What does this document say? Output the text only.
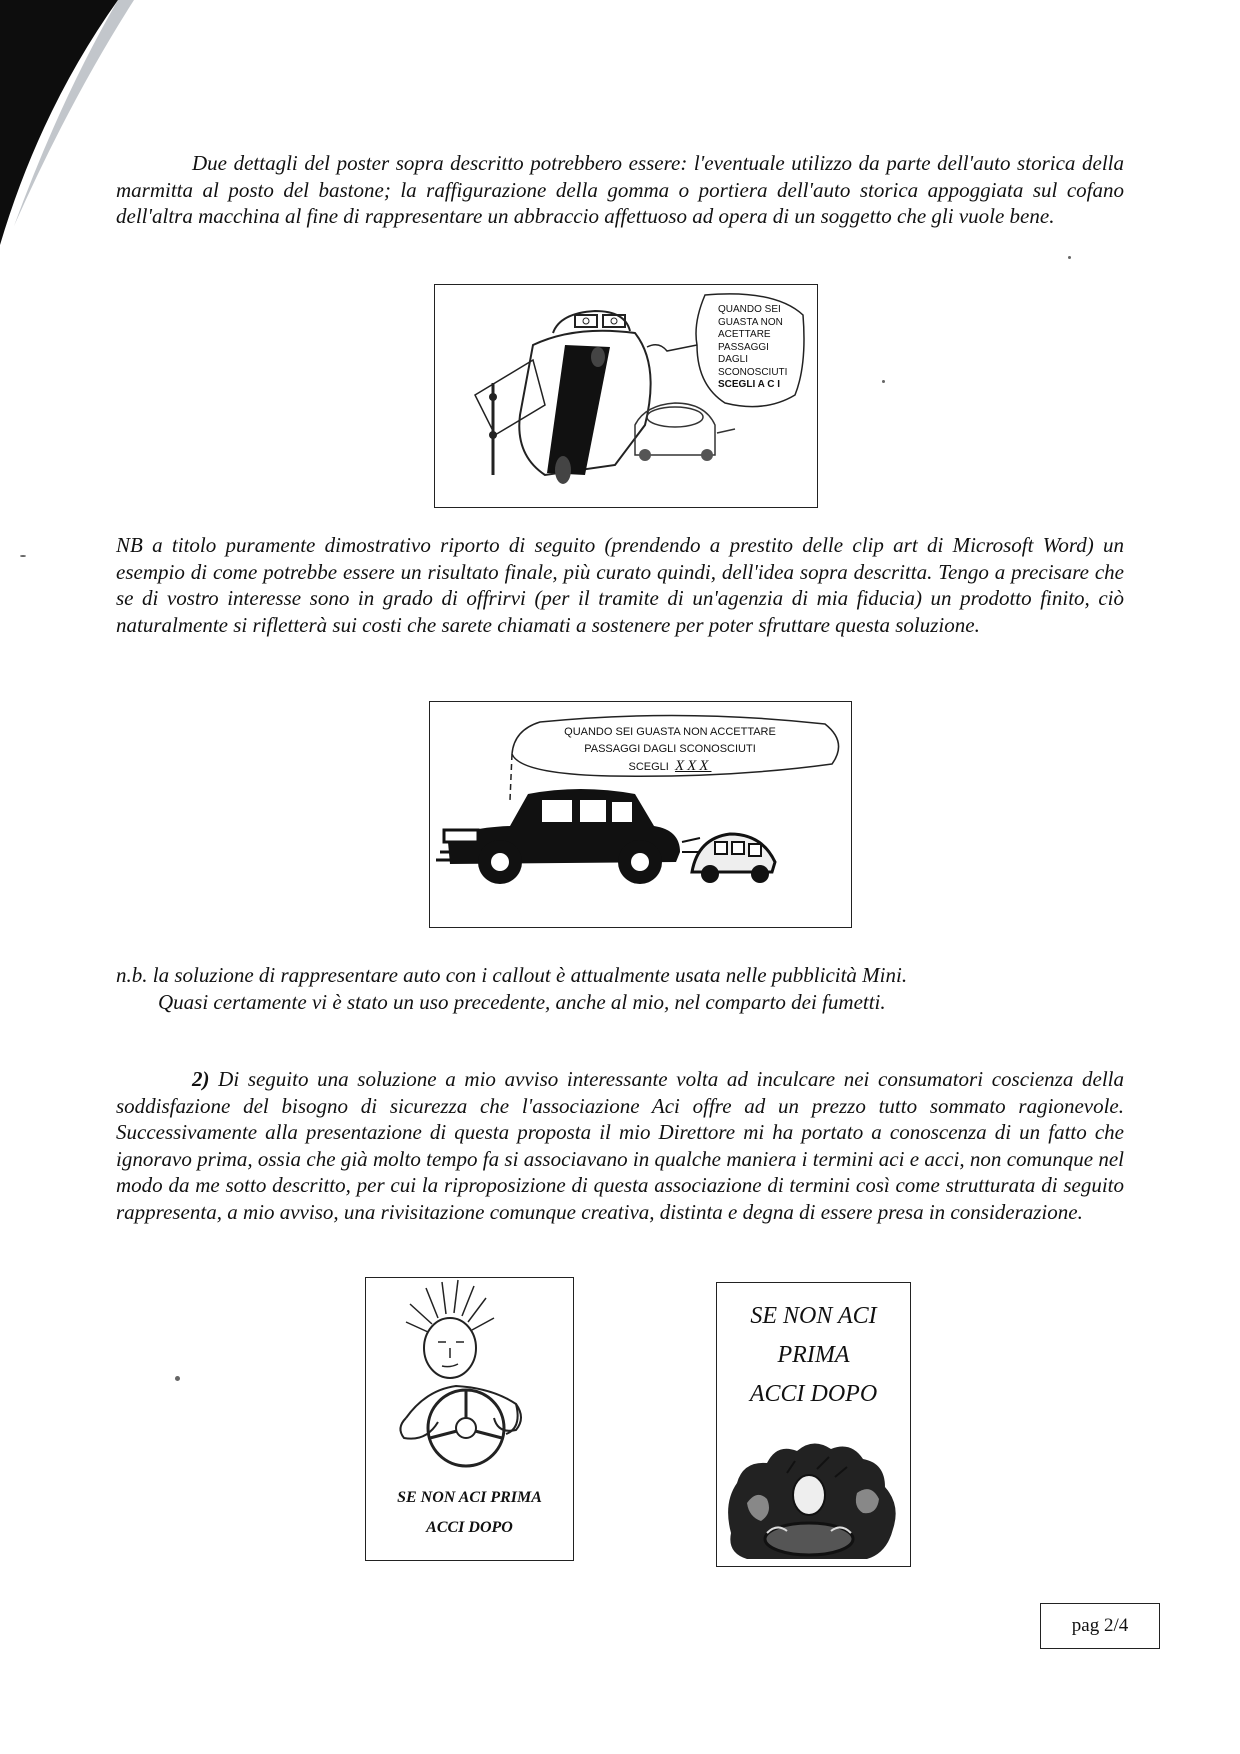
Due dettagli del poster sopra descritto potrebbero essere: l'eventuale utilizzo da parte dell'auto storica della marmitta al posto del bastone; la raffigurazione della gomma o portiera dell'auto storica appoggiata sul cofano dell'altra macchina al fine di rappresentare un abbraccio affettuoso ad opera di un soggetto che gli vuole bene.

QUANDO SEI
GUASTA NON
ACETTARE
PASSAGGI
DAGLI
SCONOSCIUTI
SCEGLI A C I

NB a titolo puramente dimostrativo riporto di seguito (prendendo a prestito delle clip art di Microsoft Word) un esempio di come potrebbe essere un risultato finale, più curato quindi, dell'idea sopra descritta. Tengo a precisare che se di vostro interesse sono in grado di offrirvi (per il tramite di un'agenzia di mia fiducia) un prodotto finito, ciò naturalmente si rifletterà sui costi che sarete chiamati a sostenere per poter sfruttare questa soluzione.

QUANDO SEI GUASTA NON ACCETTARE
PASSAGGI DAGLI SCONOSCIUTI
SCEGLI XXX

n.b. la soluzione di rappresentare auto con i callout è attualmente usata nelle pubblicità Mini.
Quasi certamente vi è stato un uso precedente, anche al mio, nel comparto dei fumetti.

2) Di seguito una soluzione a mio avviso interessante volta ad inculcare nei consumatori coscienza della soddisfazione del bisogno di sicurezza che l'associazione Aci offre ad un prezzo tutto sommato ragionevole. Successivamente alla presentazione di questa proposta il mio Direttore mi ha portato a conoscenza di un fatto che ignoravo prima, ossia che già molto tempo fa si associavano in qualche maniera i termini aci e acci, non comunque nel modo da me sotto descritto, per cui la riproposizione di questa associazione di termini così come strutturata di seguito rappresenta, a mio avviso, una rivisitazione comunque creativa, distinta e degna di essere presa in considerazione.

SE NON ACI PRIMA
ACCI DOPO
SE NON ACI
PRIMA
ACCI DOPO
pag 2/4
